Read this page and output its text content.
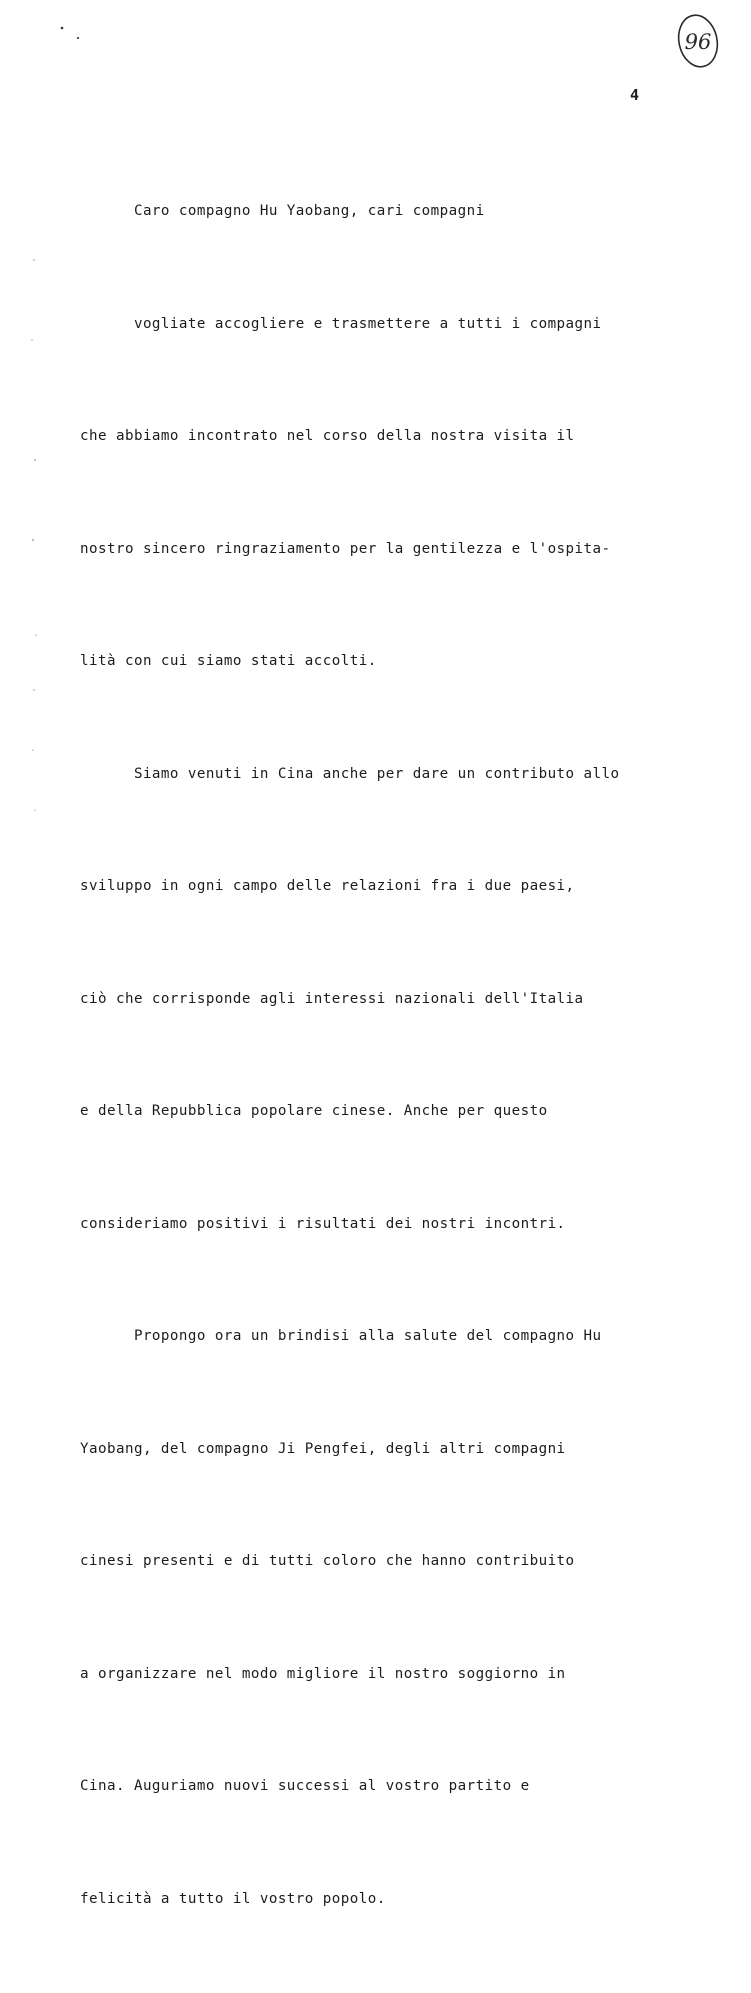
96
4

Caro compagno Hu Yaobang, cari compagni

vogliate accogliere e trasmettere a tutti i compagni

che abbiamo incontrato nel corso della nostra visita il

nostro sincero ringraziamento per la gentilezza e l'ospita-

lità con cui siamo stati accolti.

Siamo venuti in Cina anche per dare un contributo allo

sviluppo in ogni campo delle relazioni fra i due paesi,

ciò che corrisponde agli interessi nazionali dell'Italia

e della Repubblica popolare cinese. Anche per questo

consideriamo positivi i risultati dei nostri incontri.

Propongo ora un brindisi alla salute del compagno Hu

Yaobang, del compagno Ji Pengfei, degli altri compagni

cinesi presenti e di tutti coloro che hanno contribuito

a organizzare nel modo migliore il nostro soggiorno in

Cina. Auguriamo nuovi successi al vostro partito e

felicità a tutto il vostro popolo.
